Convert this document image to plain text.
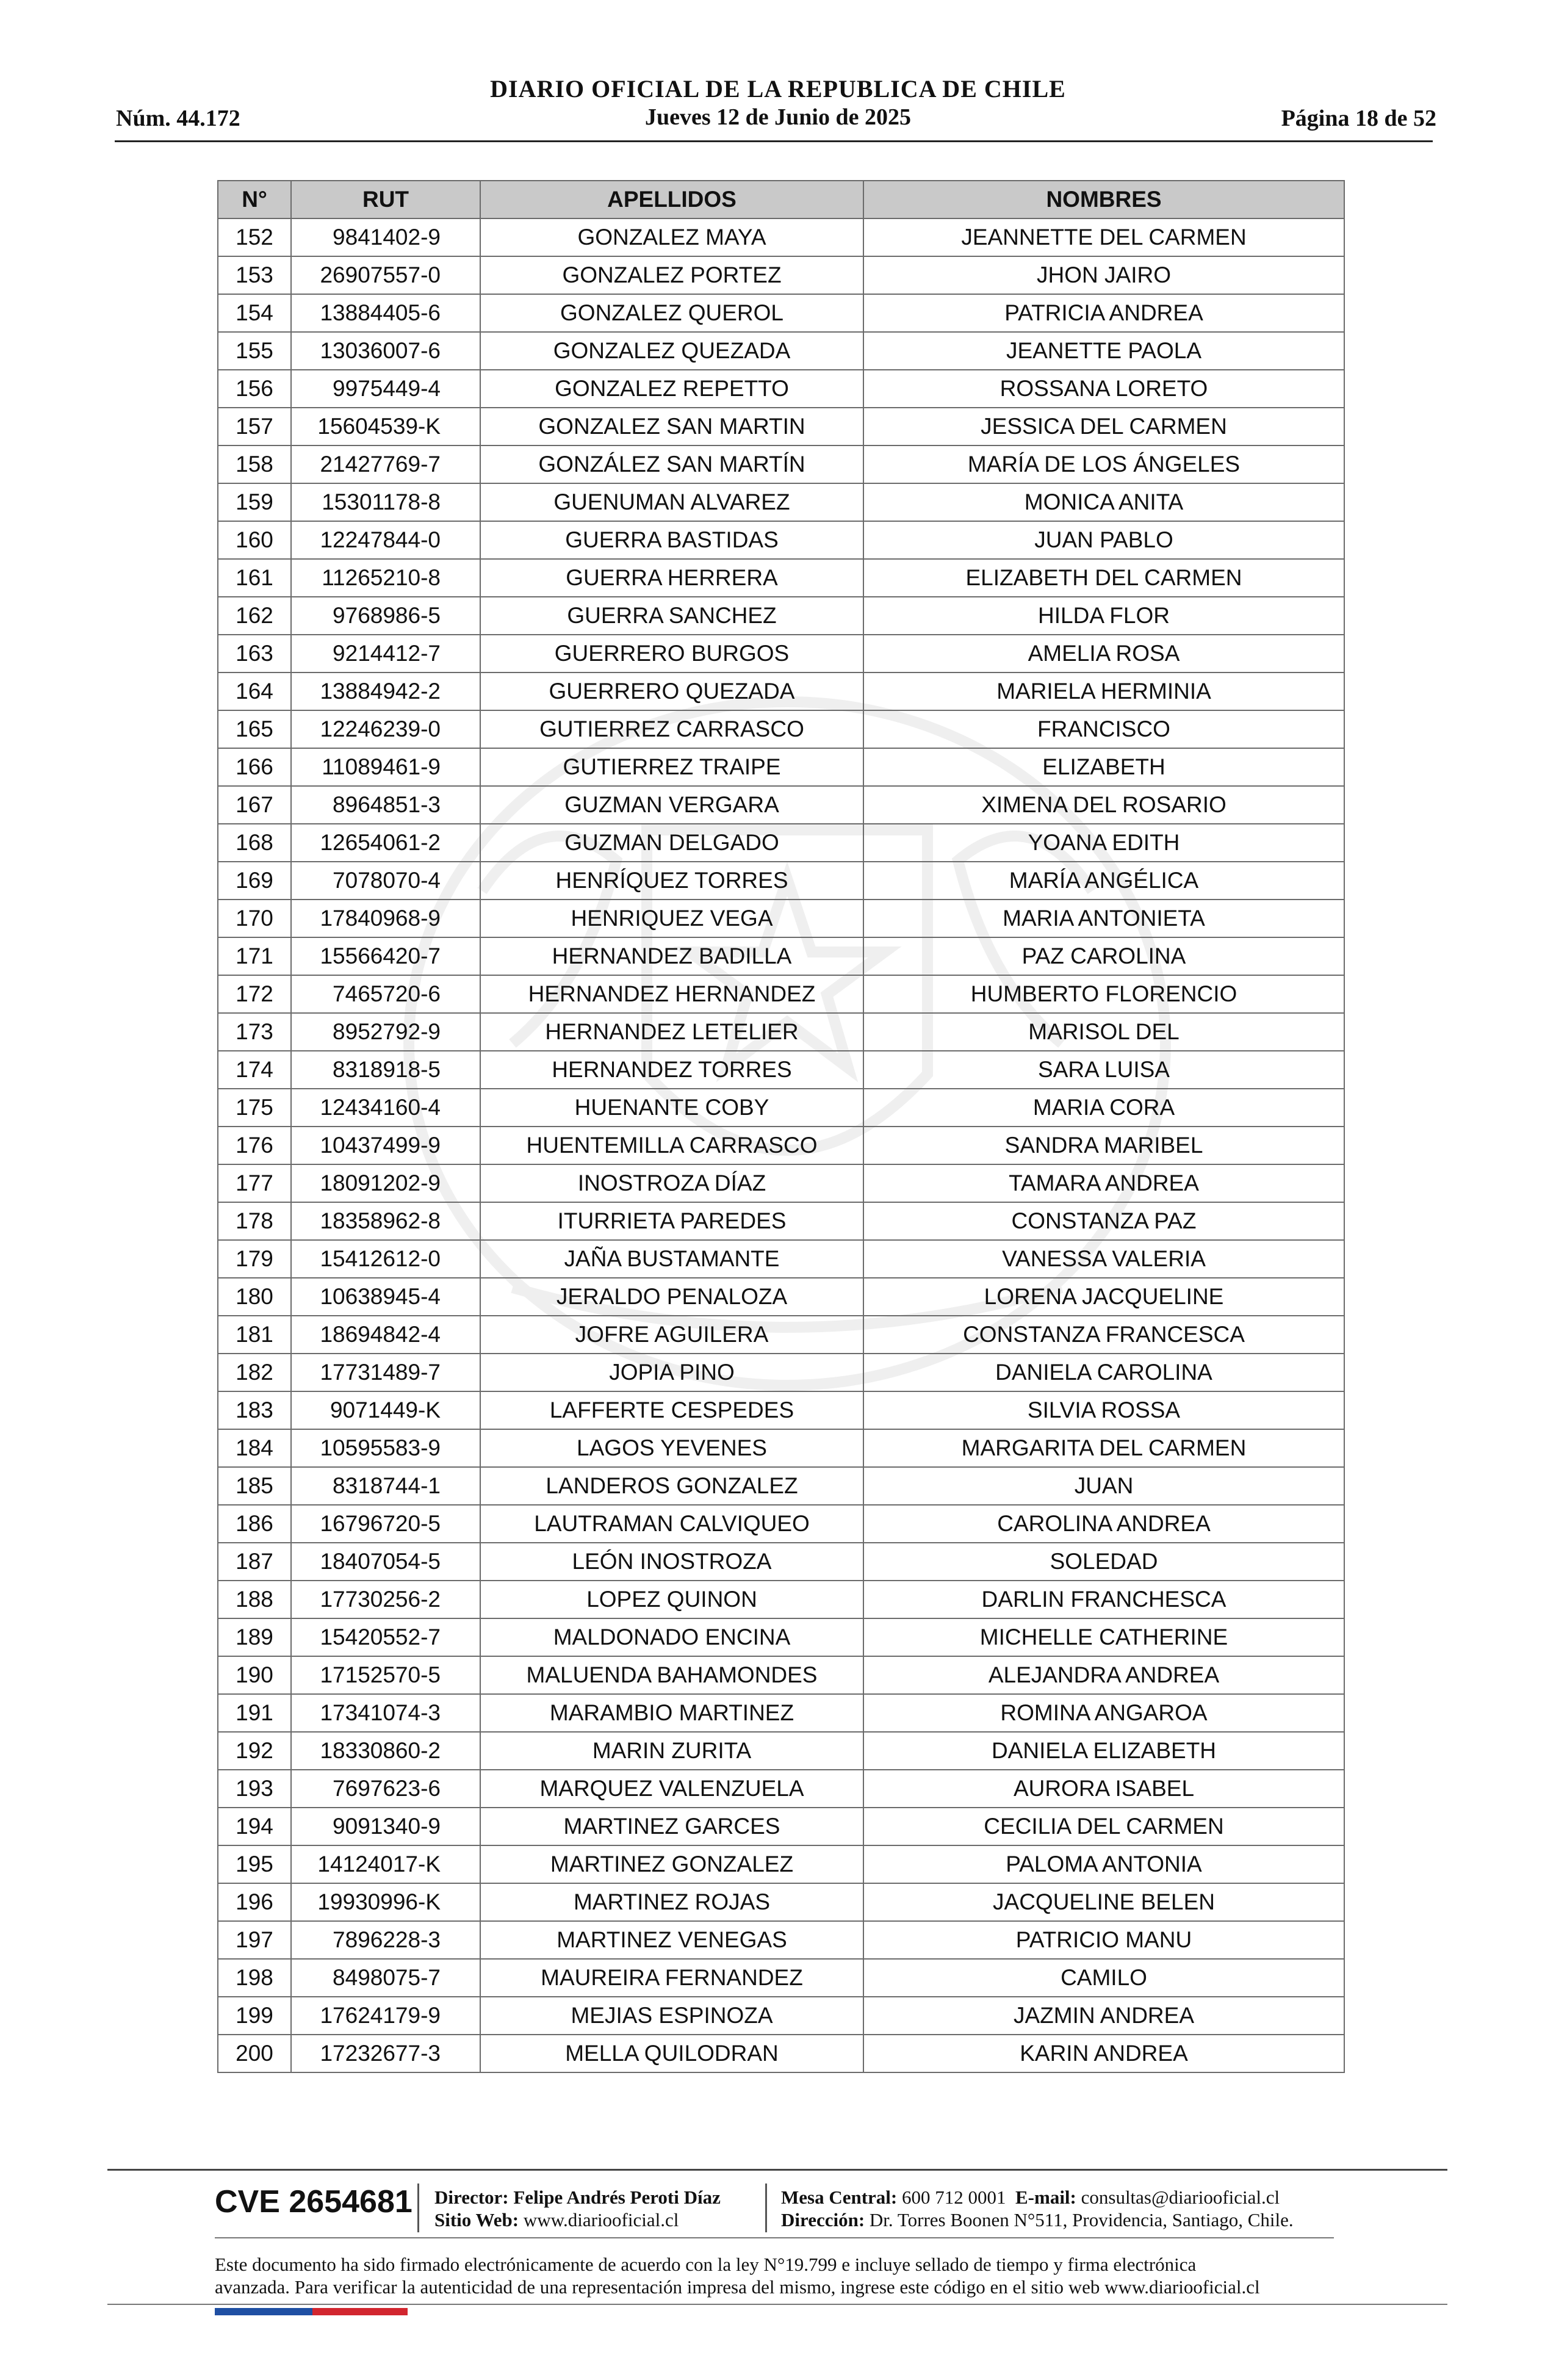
DIARIO OFICIAL DE LA REPUBLICA DE CHILE
Núm. 44.172	Jueves 12 de Junio de 2025	Página 18 de 52
N°	RUT	APELLIDOS	NOMBRES
152	9841402-9	GONZALEZ MAYA	JEANNETTE DEL CARMEN
153	26907557-0	GONZALEZ PORTEZ	JHON JAIRO
154	13884405-6	GONZALEZ QUEROL	PATRICIA ANDREA
155	13036007-6	GONZALEZ QUEZADA	JEANETTE PAOLA
156	9975449-4	GONZALEZ REPETTO	ROSSANA LORETO
157	15604539-K	GONZALEZ SAN MARTIN	JESSICA DEL CARMEN
158	21427769-7	GONZÁLEZ SAN MARTÍN	MARÍA DE LOS ÁNGELES
159	15301178-8	GUENUMAN ALVAREZ	MONICA ANITA
160	12247844-0	GUERRA BASTIDAS	JUAN PABLO
161	11265210-8	GUERRA HERRERA	ELIZABETH DEL CARMEN
162	9768986-5	GUERRA SANCHEZ	HILDA FLOR
163	9214412-7	GUERRERO BURGOS	AMELIA ROSA
164	13884942-2	GUERRERO QUEZADA	MARIELA HERMINIA
165	12246239-0	GUTIERREZ CARRASCO	FRANCISCO
166	11089461-9	GUTIERREZ TRAIPE	ELIZABETH
167	8964851-3	GUZMAN VERGARA	XIMENA DEL ROSARIO
168	12654061-2	GUZMAN DELGADO	YOANA EDITH
169	7078070-4	HENRÍQUEZ TORRES	MARÍA ANGÉLICA
170	17840968-9	HENRIQUEZ VEGA	MARIA ANTONIETA
171	15566420-7	HERNANDEZ BADILLA	PAZ CAROLINA
172	7465720-6	HERNANDEZ HERNANDEZ	HUMBERTO FLORENCIO
173	8952792-9	HERNANDEZ LETELIER	MARISOL DEL
174	8318918-5	HERNANDEZ TORRES	SARA LUISA
175	12434160-4	HUENANTE COBY	MARIA CORA
176	10437499-9	HUENTEMILLA CARRASCO	SANDRA MARIBEL
177	18091202-9	INOSTROZA DÍAZ	TAMARA ANDREA
178	18358962-8	ITURRIETA PAREDES	CONSTANZA PAZ
179	15412612-0	JAÑA BUSTAMANTE	VANESSA VALERIA
180	10638945-4	JERALDO PENALOZA	LORENA JACQUELINE
181	18694842-4	JOFRE AGUILERA	CONSTANZA FRANCESCA
182	17731489-7	JOPIA PINO	DANIELA CAROLINA
183	9071449-K	LAFFERTE CESPEDES	SILVIA ROSSA
184	10595583-9	LAGOS YEVENES	MARGARITA DEL CARMEN
185	8318744-1	LANDEROS GONZALEZ	JUAN
186	16796720-5	LAUTRAMAN CALVIQUEO	CAROLINA ANDREA
187	18407054-5	LEÓN INOSTROZA	SOLEDAD
188	17730256-2	LOPEZ QUINON	DARLIN FRANCHESCA
189	15420552-7	MALDONADO ENCINA	MICHELLE CATHERINE
190	17152570-5	MALUENDA BAHAMONDES	ALEJANDRA ANDREA
191	17341074-3	MARAMBIO MARTINEZ	ROMINA ANGAROA
192	18330860-2	MARIN ZURITA	DANIELA ELIZABETH
193	7697623-6	MARQUEZ VALENZUELA	AURORA ISABEL
194	9091340-9	MARTINEZ GARCES	CECILIA DEL CARMEN
195	14124017-K	MARTINEZ GONZALEZ	PALOMA ANTONIA
196	19930996-K	MARTINEZ ROJAS	JACQUELINE BELEN
197	7896228-3	MARTINEZ VENEGAS	PATRICIO MANU
198	8498075-7	MAUREIRA FERNANDEZ	CAMILO
199	17624179-9	MEJIAS ESPINOZA	JAZMIN ANDREA
200	17232677-3	MELLA QUILODRAN	KARIN ANDREA
CVE 2654681 Director: Felipe Andrés Peroti Díaz
Sitio Web: www.diariooficial.cl
Mesa Central: 600 712 0001 E-mail: consultas@diariooficial.cl
Dirección: Dr. Torres Boonen N°511, Providencia, Santiago, Chile.
Este documento ha sido firmado electrónicamente de acuerdo con la ley N°19.799 e incluye sellado de tiempo y firma electrónica
avanzada. Para verificar la autenticidad de una representación impresa del mismo, ingrese este código en el sitio web www.diariooficial.cl
